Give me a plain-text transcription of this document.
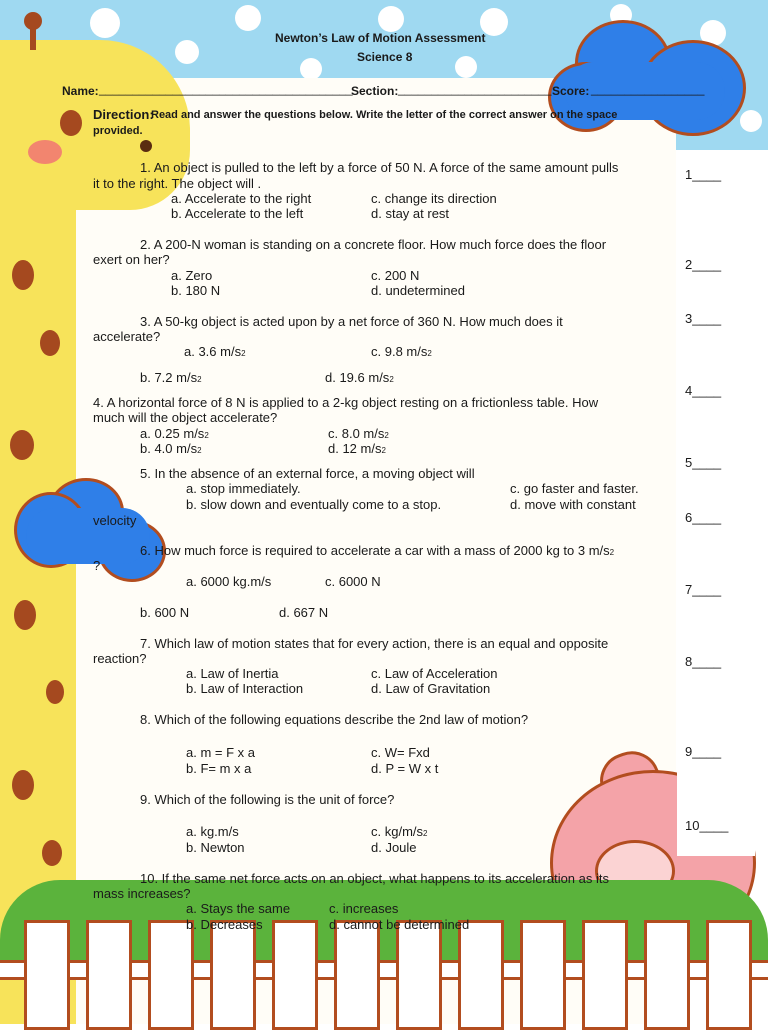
Newton’s Law of Motion Assessment
Science 8
Name: ______________________________________
Section: _______________________ Score: _________________
Direction:
Read and answer the questions below. Write the letter of the correct answer on the space
provided.
1. An object is pulled to the left by a force of 50 N. A force of the same amount pulls
it to the right. The object will .
a. Accelerate to the right	c. change its direction
b. Accelerate to the left	d. stay at rest
2. A 200-N woman is standing on a concrete floor. How much force does the floor
exert on her?
a. Zero	c. 200 N
b. 180 N	d. undetermined
3. A 50-kg object is acted upon by a net force of 360 N. How much does it
accelerate?
a. 3.6 m/s2	c. 9.8 m/s2
b. 7.2 m/s2	d. 19.6 m/s2
4. A horizontal force of 8 N is applied to a 2-kg object resting on a frictionless table. How
much will the object accelerate?
a. 0.25 m/s2	c. 8.0 m/s2
b. 4.0 m/s2	d. 12 m/s2
5. In the absence of an external force, a moving object will
a. stop immediately.	c. go faster and faster.
b. slow down and eventually come to a stop.	d. move with constant
velocity
6. How much force is required to accelerate a car with a mass of 2000 kg to 3 m/s2
?
a. 6000 kg.m/s	c. 6000 N
b. 600 N	d. 667 N
7. Which law of motion states that for every action, there is an equal and opposite
reaction?
a. Law of Inertia	c. Law of Acceleration
b. Law of Interaction	d. Law of Gravitation
8. Which of the following equations describe the 2nd law of motion?
a. m = F x a	c. W= Fxd
b. F= m x a	d. P = W x t
9. Which of the following is the unit of force?
a. kg.m/s	c. kg/m/s2
b. Newton	d. Joule
10. If the same net force acts on an object, what happens to its acceleration as its
mass increases?
a. Stays the same	c. increases
b. Decreases	d. cannot be determined
1____
2____
3____
4____
5____
6____
7____
8____
9____
10____
